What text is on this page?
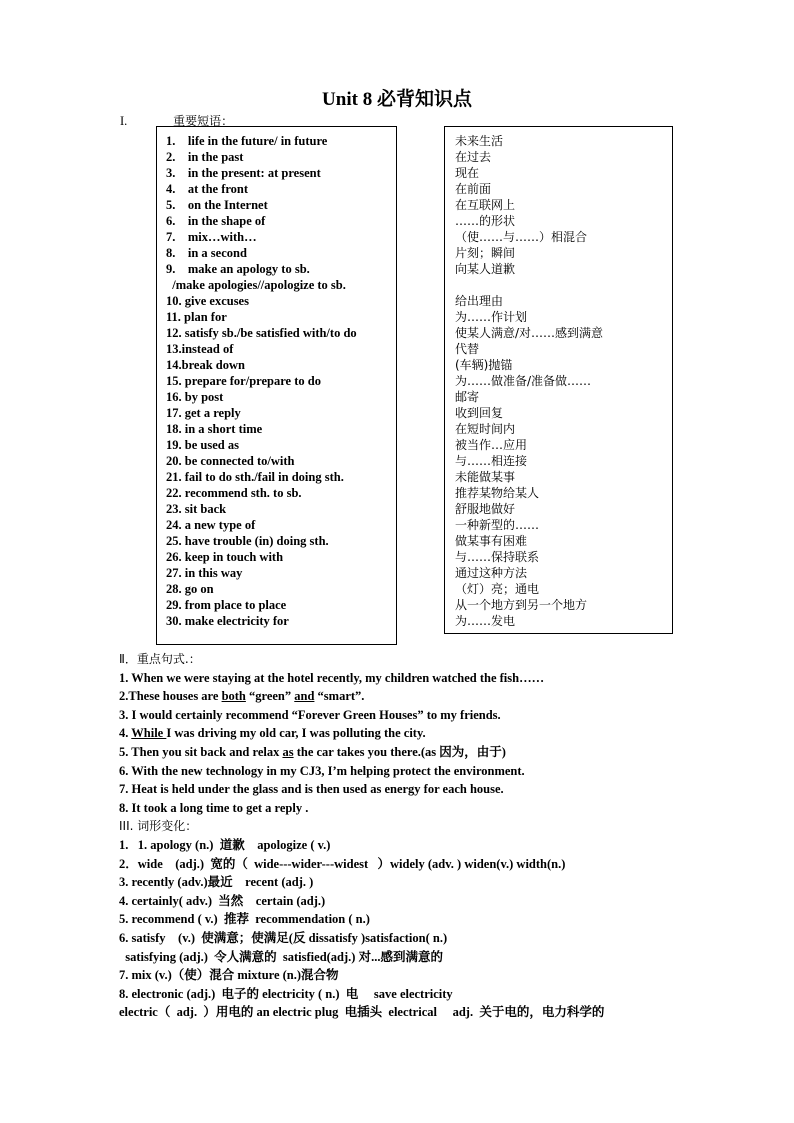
Unit 8 必背知识点
I.	重要短语：
1.    life in the future/ in future
2.    in the past
3.    in the present: at present
4.    at the front
5.    on the Internet
6.    in the shape of
7.    mix…with…
8.    in a second
9.    make an apology to sb.
/make apologies//apologize to sb.
10. give excuses
11. plan for
12. satisfy sb./be satisfied with/to do
13.instead of
14.break down
15. prepare for/prepare to do
16. by post
17. get a reply
18. in a short time
19. be used as
20. be connected to/with
21. fail to do sth./fail in doing sth.
22. recommend sth. to sb.
23. sit back
24. a new type of
25. have trouble (in) doing sth.
26. keep in touch with
27. in this way
28. go on
29. from place to place
30. make electricity for
未来生活
在过去
现在
在前面
在互联网上
……的形状
（使……与……）相混合
片刻；瞬间
向某人道歉

给出理由
为……作计划
使某人满意/对……感到满意
代替
(车辆)抛锚
为……做准备/准备做……
邮寄
收到回复
在短时间内
被当作…应用
与……相连接
未能做某事
推荐某物给某人
舒服地做好
一种新型的……
做某事有困难
与……保持联系
通过这种方法
（灯）亮；通电
从一个地方到另一个地方
为……发电
Ⅱ．重点句式.：
1. When we were staying at the hotel recently, my children watched the fish……
2.These houses are both “green” and “smart”.
3. I would certainly recommend “Forever Green Houses” to my friends.
4. While I was driving my old car, I was polluting the city.
5. Then you sit back and relax as the car takes you there.(as 因为，由于)
6. With the new technology in my CJ3, I’m helping protect the environment.
7. Heat is held under the glass and is then used as energy for each house.
8. It took a long time to get a reply .
III. 词形变化：
1.   1. apology (n.)  道歉    apologize ( v.)
2．wide    (adj.)  宽的（  wide---wider---widest   ）widely (adv. ) widen(v.) width(n.)
3. recently (adv.)最近    recent (adj. )
4. certainly( adv.)  当然    certain (adj.)
5. recommend ( v.)  推荐  recommendation ( n.)
6. satisfy    (v.)  使满意；使满足(反 dissatisfy )satisfaction( n.)
satisfying (adj.)  令人满意的  satisfied(adj.) 对...感到满意的
7. mix (v.)（使）混合 mixture (n.)混合物
8. electronic (adj.)  电子的 electricity ( n.)  电     save electricity
electric（  adj.  ）用电的 an electric plug  电插头  electrical     adj.  关于电的，电力科学的
